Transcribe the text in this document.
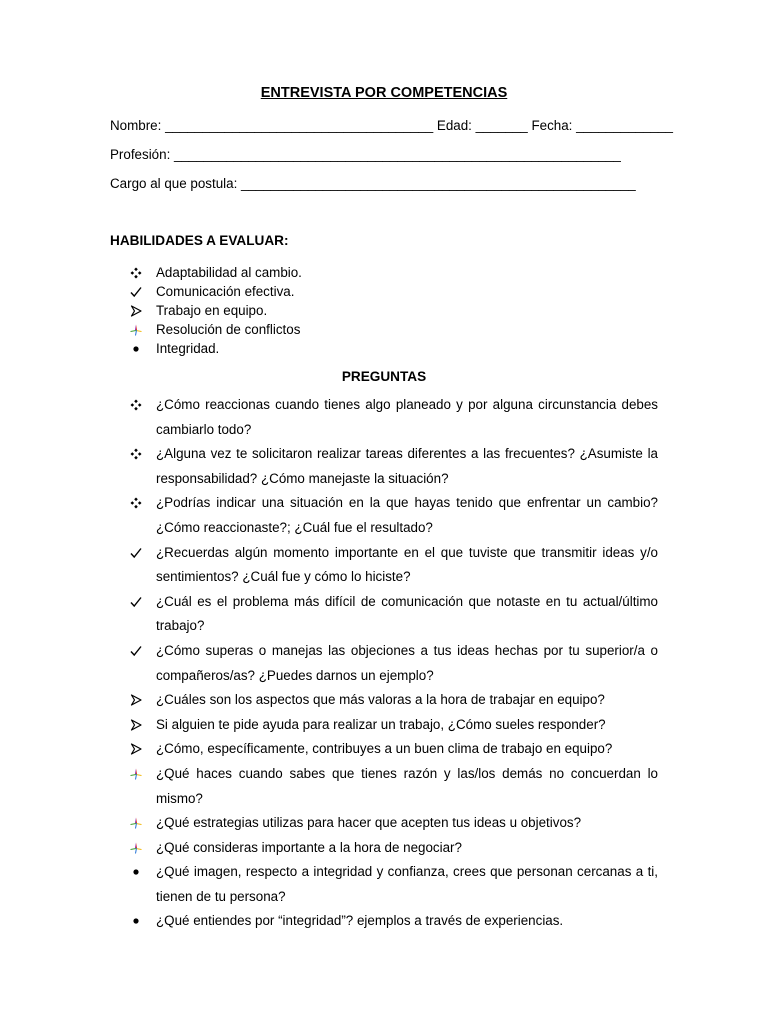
ENTREVISTA POR COMPETENCIAS
Nombre: ____________________________________ Edad: _______ Fecha: _____________
Profesión: ____________________________________________________________
Cargo al que postula: _____________________________________________________
HABILIDADES A EVALUAR:
Adaptabilidad al cambio.
Comunicación efectiva.
Trabajo en equipo.
Resolución de conflictos
Integridad.
PREGUNTAS
¿Cómo reaccionas cuando tienes algo planeado y por alguna circunstancia debes cambiarlo todo?
¿Alguna vez te solicitaron realizar tareas diferentes a las frecuentes? ¿Asumiste la responsabilidad? ¿Cómo manejaste la situación?
¿Podrías indicar una situación en la que hayas tenido que enfrentar un cambio? ¿Cómo reaccionaste?; ¿Cuál fue el resultado?
¿Recuerdas algún momento importante en el que tuviste que transmitir ideas y/o sentimientos? ¿Cuál fue y cómo lo hiciste?
¿Cuál es el problema más difícil de comunicación que notaste en tu actual/último trabajo?
¿Cómo superas o manejas las objeciones a tus ideas hechas por tu superior/a o compañeros/as? ¿Puedes darnos un ejemplo?
¿Cuáles son los aspectos que más valoras a la hora de trabajar en equipo?
Si alguien te pide ayuda para realizar un trabajo, ¿Cómo sueles responder?
¿Cómo, específicamente, contribuyes a un buen clima de trabajo en equipo?
¿Qué haces cuando sabes que tienes razón y las/los demás no concuerdan lo mismo?
¿Qué estrategias utilizas para hacer que acepten tus ideas u objetivos?
¿Qué consideras importante a la hora de negociar?
¿Qué imagen, respecto a integridad y confianza, crees que personan cercanas a ti, tienen de tu persona?
¿Qué entiendes por “integridad”? ejemplos a través de experiencias.
